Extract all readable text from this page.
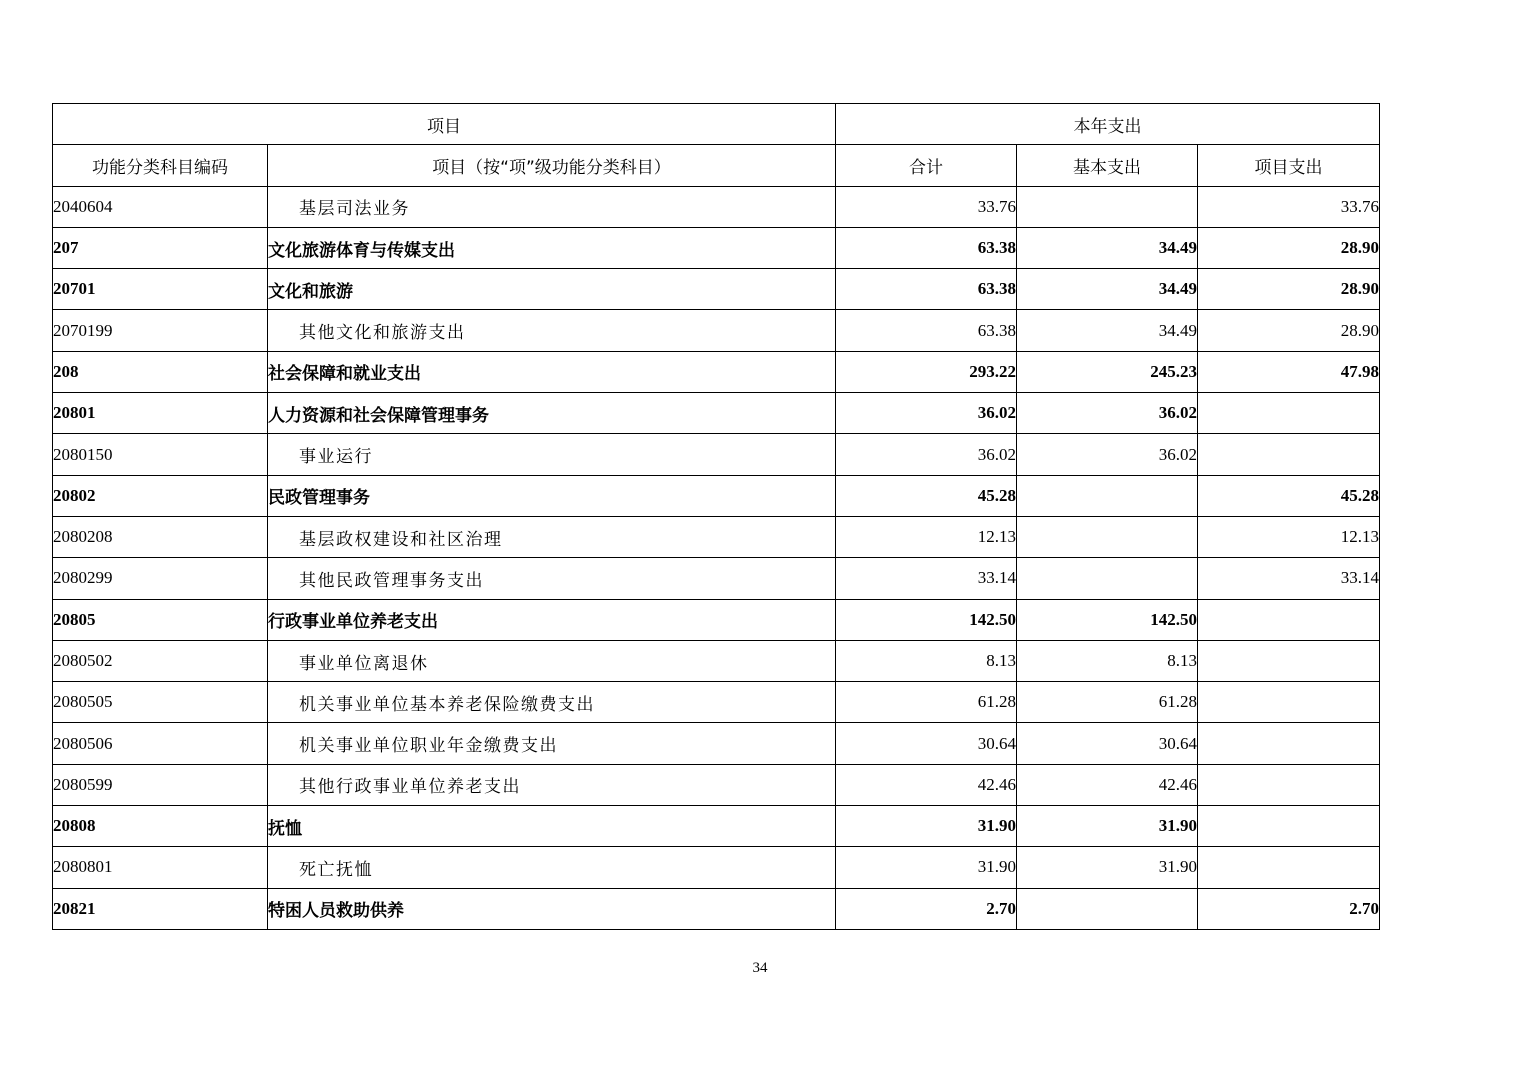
项目		本年支出		
功能分类科目编码	项目（按“项”级功能分类科目）	合计	基本支出	项目支出
2040604	基层司法业务	33.76		33.76
207	文化旅游体育与传媒支出	63.38	34.49	28.90
20701	文化和旅游	63.38	34.49	28.90
2070199	其他文化和旅游支出	63.38	34.49	28.90
208	社会保障和就业支出	293.22	245.23	47.98
20801	人力资源和社会保障管理事务	36.02	36.02	
2080150	事业运行	36.02	36.02	
20802	民政管理事务	45.28		45.28
2080208	基层政权建设和社区治理	12.13		12.13
2080299	其他民政管理事务支出	33.14		33.14
20805	行政事业单位养老支出	142.50	142.50	
2080502	事业单位离退休	8.13	8.13	
2080505	机关事业单位基本养老保险缴费支出	61.28	61.28	
2080506	机关事业单位职业年金缴费支出	30.64	30.64	
2080599	其他行政事业单位养老支出	42.46	42.46	
20808	抚恤	31.90	31.90	
2080801	死亡抚恤	31.90	31.90	
20821	特困人员救助供养	2.70		2.70
34
